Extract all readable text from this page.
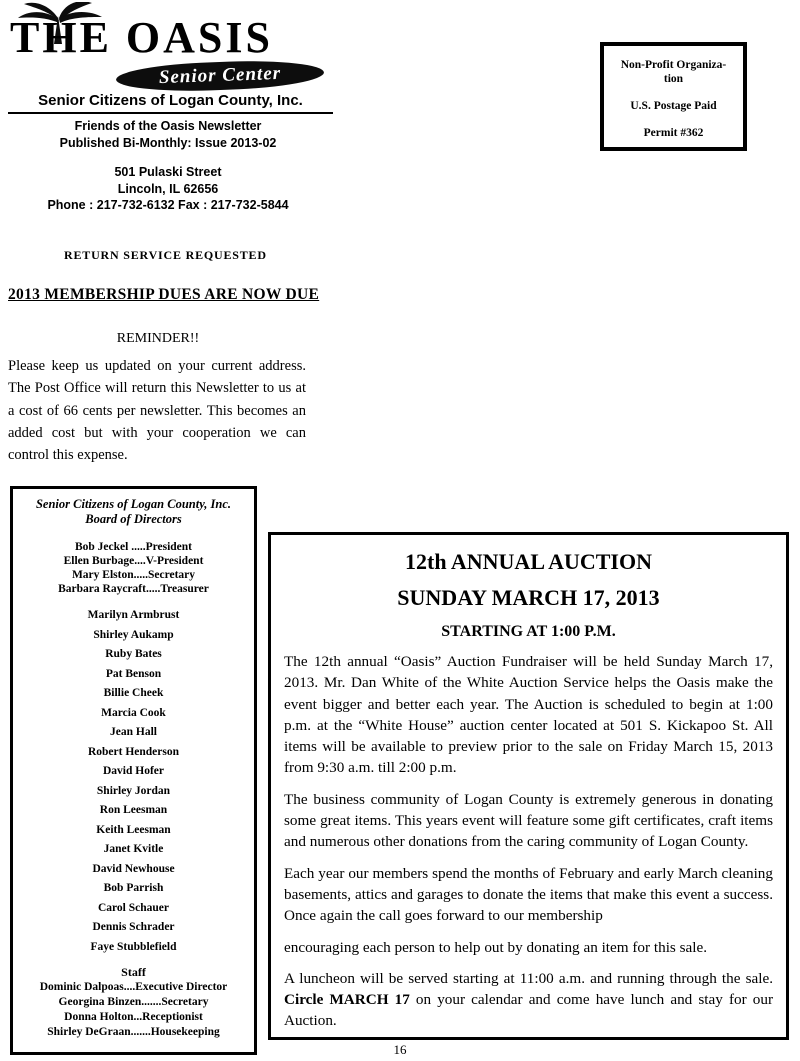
THE OASIS
Senior Center
Senior Citizens of Logan County, Inc.
Friends of the Oasis Newsletter
Published Bi-Monthly: Issue 2013-02
501 Pulaski Street
Lincoln, IL 62656
Phone : 217-732-6132 Fax : 217-732-5844
RETURN SERVICE REQUESTED
Non-Profit Organiza-
tion
U.S. Postage Paid
Permit #362
2013 MEMBERSHIP DUES ARE NOW DUE
REMINDER!!
Please keep us updated on your current address. The Post Office will return this Newsletter to us at a cost of 66 cents per newsletter. This becomes an added cost but with your cooperation we can control this expense.
Senior Citizens of Logan County, Inc.
Board of Directors
Bob Jeckel .....President
Ellen Burbage....V-President
Mary Elston.....Secretary
Barbara Raycraft.....Treasurer
Marilyn Armbrust
Shirley Aukamp
Ruby Bates
Pat Benson
Billie Cheek
Marcia Cook
Jean Hall
Robert Henderson
David Hofer
Shirley Jordan
Ron Leesman
Keith Leesman
Janet Kvitle
David Newhouse
Bob Parrish
Carol Schauer
Dennis Schrader
Faye Stubblefield
Staff
Dominic Dalpoas....Executive Director
Georgina Binzen.......Secretary
Donna Holton...Receptionist
Shirley DeGraan.......Housekeeping
12th ANNUAL AUCTION
SUNDAY MARCH 17, 2013
STARTING AT 1:00 P.M.

The 12th annual “Oasis” Auction Fundraiser will be held Sunday March 17, 2013. Mr. Dan White of the White Auction Service helps the Oasis make the event bigger and better each year. The Auction is scheduled to begin at 1:00 p.m. at the “White House” auction center located at 501 S. Kickapoo St. All items will be available to preview prior to the sale on Friday March 15, 2013 from 9:30 a.m. till 2:00 p.m.

The business community of Logan County is extremely generous in donating some great items. This years event will feature some gift certificates, craft items and numerous other donations from the caring community of Logan County.

Each year our members spend the months of February and early March cleaning basements, attics and garages to donate the items that make this event a success. Once again the call goes forward to our membership

encouraging each person to help out by donating an item for this sale.

A luncheon will be served starting at 11:00 a.m. and running through the sale. Circle MARCH 17 on your calendar and come have lunch and stay for our Auction.

16
